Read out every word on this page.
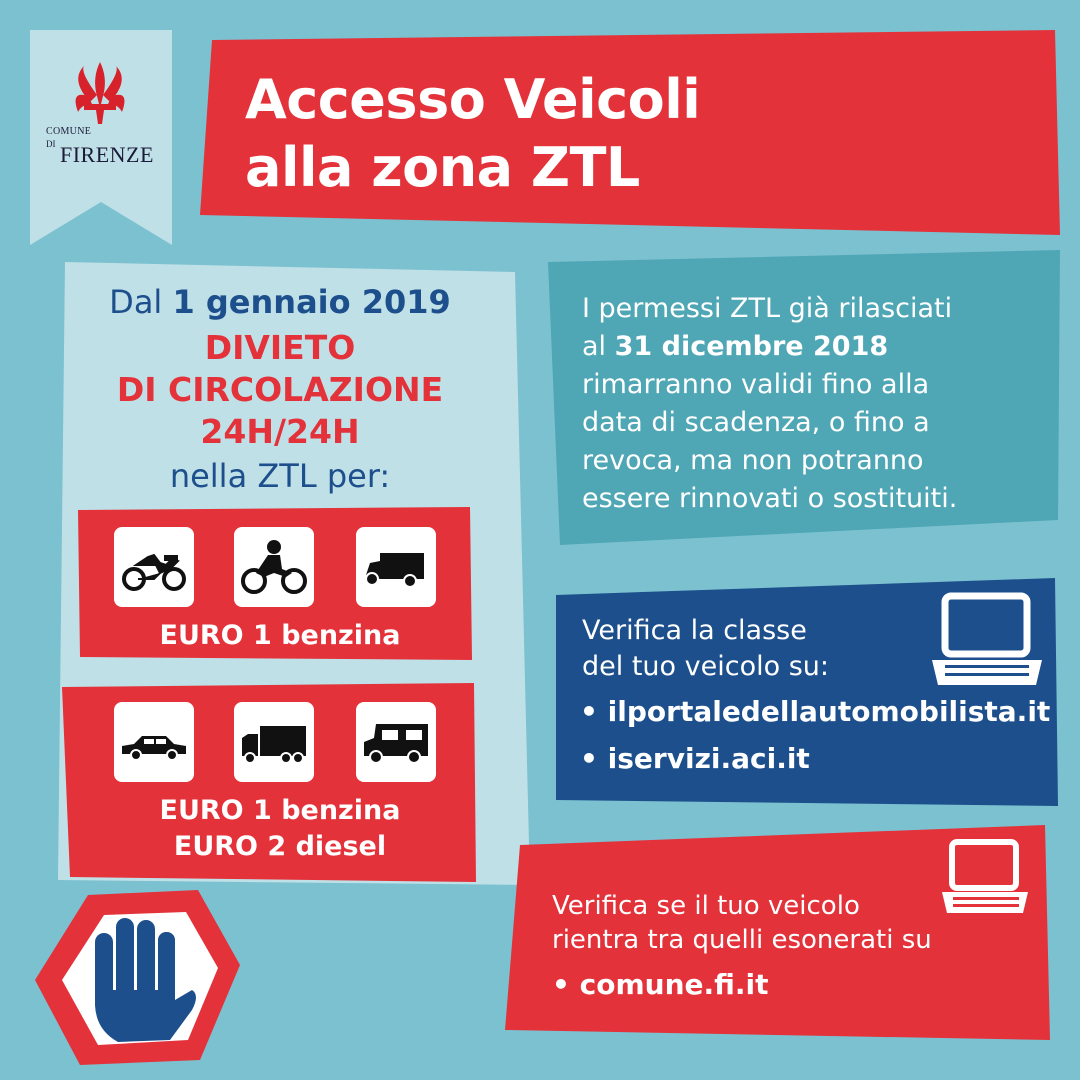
COMUNE
DI FIRENZE
Accesso Veicoli
alla zona ZTL
Dal 1 gennaio 2019
DIVIETO
DI CIRCOLAZIONE
24H/24H
nella ZTL per:
EURO 1 benzina
EURO 1 benzina
EURO 2 diesel
I permessi ZTL già rilasciati
al 31 dicembre 2018
rimarranno validi fino alla
data di scadenza, o fino a
revoca, ma non potranno
essere rinnovati o sostituiti.
Verifica la classe
del tuo veicolo su:
• ilportaledellautomobilista.it
• iservizi.aci.it
Verifica se il tuo veicolo
rientra tra quelli esonerati su
• comune.fi.it
